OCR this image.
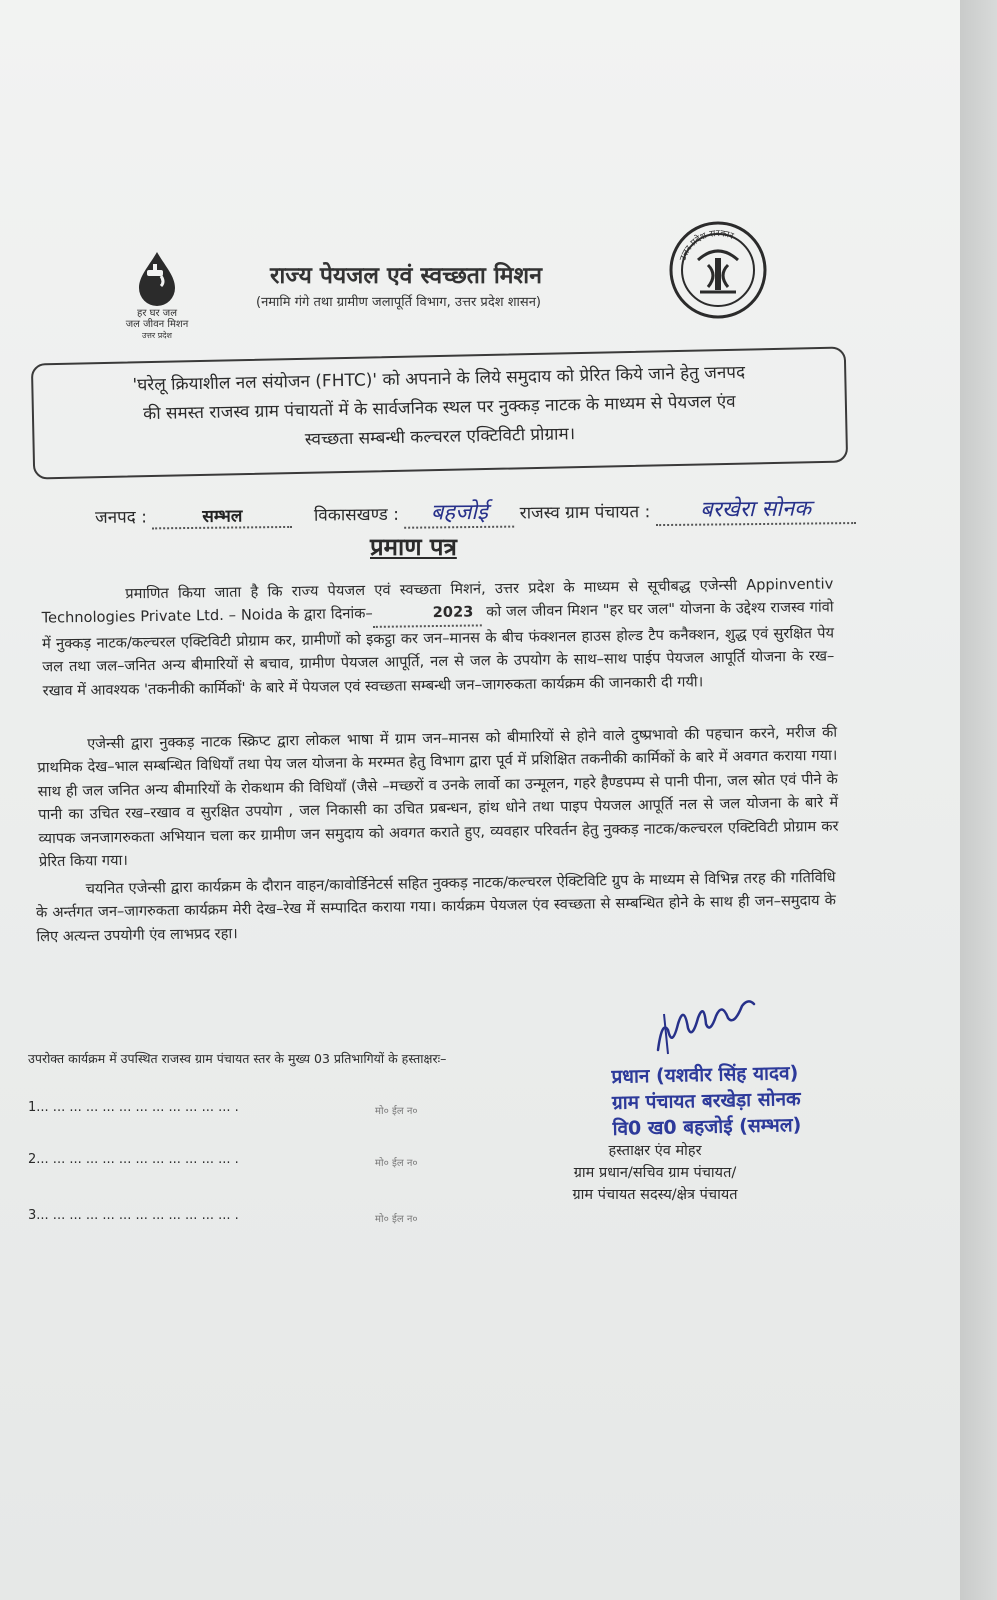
हर घर जल
जल जीवन मिशन
उत्तर प्रदेश
राज्य पेयजल एवं स्वच्छता मिशन
(नमामि गंगे तथा ग्रामीण जलापूर्ति विभाग, उत्तर प्रदेश शासन)
उत्तर प्रदेश सरकार
'घरेलू क्रियाशील नल संयोजन (FHTC)' को अपनाने के लिये समुदाय को प्रेरित किये जाने हेतु जनपद
की समस्त राजस्व ग्राम पंचायतों में के सार्वजनिक स्थल पर नुक्कड़ नाटक के माध्यम से पेयजल एंव
स्वच्छता सम्बन्धी कल्चरल एक्टिविटी प्रोग्राम।
जनपद :	सम्भल	विकासखण्ड : बहजोई राजस्व ग्राम पंचायत : बरखेरा सोनक
प्रमाण पत्र
प्रमाणित किया जाता है कि राज्य पेयजल एवं स्वच्छता मिशनं, उत्तर प्रदेश के माध्यम से सूचीबद्ध एजेन्सी Appinventiv Technologies Private Ltd. – Noida के द्वारा दिनांक–	2023 को जल जीवन मिशन "हर घर जल" योजना के उद्देश्य राजस्व गांवो में नुक्कड़ नाटक/कल्चरल एक्टिविटी प्रोग्राम कर, ग्रामीणों को इकट्ठा कर जन–मानस के बीच फंक्शनल हाउस होल्ड टैप कनैक्शन, शुद्ध एवं सुरक्षित पेय जल तथा जल–जनित अन्य बीमारियों से बचाव, ग्रामीण पेयजल आपूर्ति, नल से जल के उपयोग के साथ–साथ पाईप पेयजल आपूर्ति योजना के रख–रखाव में आवश्यक 'तकनीकी कार्मिकों' के बारे में पेयजल एवं स्वच्छता सम्बन्धी जन–जागरुकता कार्यक्रम की जानकारी दी गयी।
एजेन्सी द्वारा नुक्कड़ नाटक स्क्रिप्ट द्वारा लोकल भाषा में ग्राम जन–मानस को बीमारियों से होने वाले दुष्प्रभावो की पहचान करने, मरीज की प्राथमिक देख–भाल सम्बन्धित विधियाँ तथा पेय जल योजना के मरम्मत हेतु विभाग द्वारा पूर्व में प्रशिक्षित तकनीकी कार्मिकों के बारे में अवगत कराया गया। साथ ही जल जनित अन्य बीमारियों के रोकथाम की विधियाँ (जैसे –मच्छरों व उनके लार्वो का उन्मूलन, गहरे हैण्डपम्प से पानी पीना, जल स्रोत एवं पीने के पानी का उचित रख–रखाव व सुरक्षित उपयोग , जल निकासी का उचित प्रबन्धन, हांथ धोने तथा पाइप पेयजल आपूर्ति नल से जल योजना के बारे में व्यापक जनजागरुकता अभियान चला कर ग्रामीण जन समुदाय को अवगत कराते हुए, व्यवहार परिवर्तन हेतु नुक्कड़ नाटक/कल्चरल एक्टिविटी प्रोग्राम कर प्रेरित किया गया।
चयनित एजेन्सी द्वारा कार्यक्रम के दौरान वाहन/कावोर्डिनेटर्स सहित नुक्कड़ नाटक/कल्चरल ऐक्टिविटि ग्रुप के माध्यम से विभिन्न तरह की गतिविधि के अर्न्तगत जन–जागरुकता कार्यक्रम मेरी देख–रेख में सम्पादित कराया गया। कार्यक्रम पेयजल एंव स्वच्छता से सम्बन्धित होने के साथ ही जन–समुदाय के लिए अत्यन्त उपयोगी एंव लाभप्रद रहा।
उपरोक्त कार्यक्रम में उपस्थित राजस्व ग्राम पंचायत स्तर के मुख्य 03 प्रतिभागियों के हस्ताक्षरः–
1... ... ... ... ... ... ... ... ... ... ... ... .	मो० ईल न०
2... ... ... ... ... ... ... ... ... ... ... ... .	मो० ईल न०
3... ... ... ... ... ... ... ... ... ... ... ... .	मो० ईल न०
प्रधान (यशवीर सिंह यादव)
ग्राम पंचायत बरखेड़ा सोनक
वि0 ख0 बहजोई (सम्भल)
हस्ताक्षर एंव मोहर
ग्राम प्रधान/सचिव ग्राम पंचायत/
ग्राम पंचायत सदस्य/क्षेत्र पंचायत
